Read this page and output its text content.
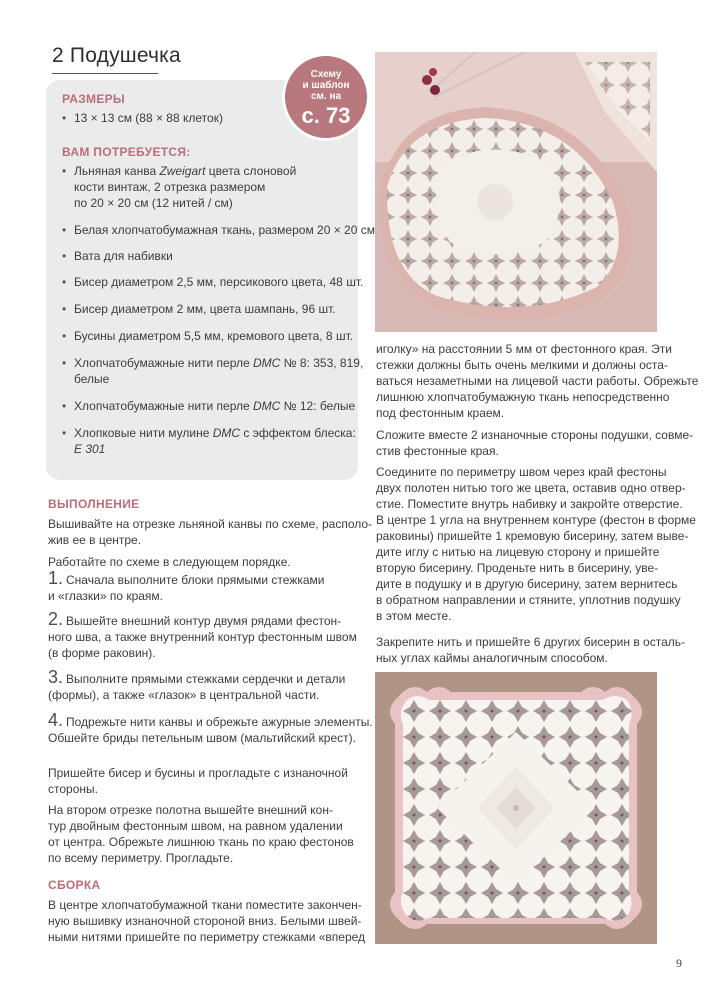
2 Подушечка
Схему
и шаблон
см. на
с. 73
РАЗМЕРЫ
• 13 × 13 см (88 × 88 клеток)
ВАМ ПОТРЕБУЕТСЯ:
• Льняная канва Zweigart цвета слоновой
кости винтаж, 2 отрезка размером
по 20 × 20 см (12 нитей / см)
• Белая хлопчатобумажная ткань, размером 20 × 20 см
• Вата для набивки
• Бисер диаметром 2,5 мм, персикового цвета, 48 шт.
• Бисер диаметром 2 мм, цвета шампань, 96 шт.
• Бусины диаметром 5,5 мм, кремового цвета, 8 шт.
• Хлопчатобумажные нити перле DMC № 8: 353, 819,
белые
• Хлопчатобумажные нити перле DMC № 12: белые
• Хлопковые нити мулине DMC с эффектом блеска:
E 301
ВЫПОЛНЕНИЕ
Вышивайте на отрезке льняной канвы по схеме, располо-
жив ее в центре.
Работайте по схеме в следующем порядке.
1. Сначала выполните блоки прямыми стежками
и «глазки» по краям.
2. Вышейте внешний контур двумя рядами фестон-
ного шва, а также внутренний контур фестонным швом
(в форме раковин).
3. Выполните прямыми стежками сердечки и детали
(формы), а также «глазок» в центральной части.
4. Подрежьте нити канвы и обрежьте ажурные элементы.
Обшейте бриды петельным швом (мальтийский крест).
Пришейте бисер и бусины и прогладьте с изнаночной
стороны.
На втором отрезке полотна вышейте внешний кон-
тур двойным фестонным швом, на равном удалении
от центра. Обрежьте лишнюю ткань по краю фестонов
по всему периметру. Прогладьте.
СБОРКА
В центре хлопчатобумажной ткани поместите закончен-
ную вышивку изнаночной стороной вниз. Белыми швей-
ными нитями пришейте по периметру стежками «вперед
иголку» на расстоянии 5 мм от фестонного края. Эти
стежки должны быть очень мелкими и должны оста-
ваться незаметными на лицевой части работы. Обрежьте
лишнюю хлопчатобумажную ткань непосредственно
под фестонным краем.
Сложите вместе 2 изнаночные стороны подушки, совме-
стив фестонные края.
Соедините по периметру швом через край фестоны
двух полотен нитью того же цвета, оставив одно отвер-
стие. Поместите внутрь набивку и закройте отверстие.
В центре 1 угла на внутреннем контуре (фестон в форме
раковины) пришейте 1 кремовую бисерину, затем выве-
дите иглу с нитью на лицевую сторону и пришейте
вторую бисерину. Проденьте нить в бисерину, уве-
дите в подушку и в другую бисерину, затем вернитесь
в обратном направлении и стяните, уплотнив подушку
в этом месте.
Закрепите нить и пришейте 6 других бисерин в осталь-
ных углах каймы аналогичным способом.
9
